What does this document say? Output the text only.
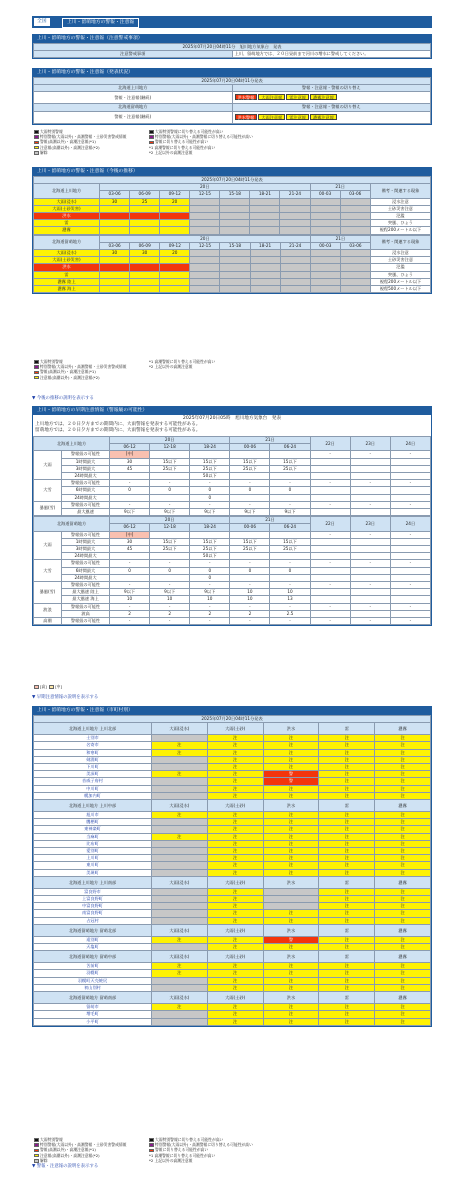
全国	上川・留萌地方の警報・注意報
上川・留萌地方の警報・注意報（注意警戒事項）
2025年07月20日04時11分　旭川地方気象台　発表
注意警戒事項	上川、留萌地方では、２０日昼前まで河川の増水に警戒してください。
上川・留萌地方の警報・注意報（発表状況）
2025年07月20日04時11分発表	
北海道上川地方	警報・注意報・警報の切り替え
警報・注意報(継続)	洪水警報 大雨注意報 雷注意報 濃霧注意報
北海道留萌地方	警報・注意報・警報の切り替え
警報・注意報(継続)	洪水警報 大雨注意報 雷注意報 濃霧注意報
大雨特別警報
特別警報(大雨以外)・高潮警報・土砂災害警戒情報
警報(高潮以外)・高潮注意報(*1)
注意報(高潮以外)・高潮注意報(*2)
解除
大雨特別警報に切り替える可能性が高い
特別警報(大雨以外)・高潮警報に切り替える可能性が高い
警報に切り替える可能性が高い
*1 高潮警報に切り替える可能性が高い
*2 上記以外の高潮注意報
上川・留萌地方の警報・注意報（今後の推移）
2025年07月20日04時11分発表										
北海道上川地方	20日							21日		備考・関連する現象
	03-06	06-09	09-12	12-15	15-18	18-21	21-24	00-03	03-06	
大雨(浸水)	30	25	20							浸水注意
大雨(土砂災害)										土砂災害注意
洪水										氾濫
雷										突風、ひょう
濃霧										視程200メートル以下
北海道留萌地方	20日							21日		備考・関連する現象
	03-06	06-09	09-12	12-15	15-18	18-21	21-24	00-03	03-06	
大雨(浸水)	30	30	20							浸水注意
大雨(土砂災害)										土砂災害注意
洪水										氾濫
雷										突風、ひょう
濃霧 陸上										視程200メートル以下
濃霧 海上										視程500メートル以下
大雨特別警報
特別警報(大雨以外)・高潮警報・土砂災害警戒情報
警報(高潮以外)・高潮注意報(*1)
注意報(高潮以外)・高潮注意報(*2)
*1 高潮警報に切り替える可能性が高い
*2 上記以外の高潮注意報
▼ 今後の推移の説明を表示する
上川・留萌地方の早期注意情報（警報級の可能性）
2025年07月20日05時　旭川地方気象台　発表
上川地方では、２０日夕方までの期間内に、大雨警報を発表する可能性がある。
留萌地方では、２０日夕方までの期間内に、大雨警報を発表する可能性がある。
北海道上川地方		20日			21日		22日	23日	24日
		06-12	12-18	18-24	00-06	06-24			
大雨	警報級の可能性	[中]					-	-	-
	1時間最大	30	15以下	15以下	15以下	15以下			
	3時間最大	45	25以下	25以下	25以下	25以下			
	24時間最大			50以下					
大雪	警報級の可能性	-	-	-	-	-	-	-	-
	6時間最大	0	0	0	0	0			
	24時間最大			0					
暴風(雪)	警報級の可能性	-	-	-	-	-	-	-	-
	最大風速	9以下	9以下	9以下	9以下	9以下			
北海道留萌地方		20日			21日		22日	23日	24日
		06-12	12-18	18-24	00-06	06-24			
大雨	警報級の可能性	[中]					-	-	-
	1時間最大	30	15以下	15以下	15以下	15以下			
	3時間最大	45	25以下	25以下	25以下	25以下			
	24時間最大			50以下					
大雪	警報級の可能性	-	-	-	-	-	-	-	-
	6時間最大	0	0	0	0	0			
	24時間最大			0					
暴風(雪)	警報級の可能性	-	-	-	-	-	-	-	-
	最大風速 陸上	9以下	9以下	9以下	10	10			
	最大風速 海上	10	10	10	10	13			
波浪	警報級の可能性	-	-	-	-	-	-	-	-
	波高	2	2	2	2	2.5			
高潮	警報級の可能性	-	-	-	-	-	-	-	-
[高] [中]
▼ 早期注意情報の説明を表示する
上川・留萌地方の警報・注意報（市町村別）
2025年07月20日04時11分発表					
北海道上川地方 上川北部	大雨(浸水)	大雨(土砂)	洪水	雷	濃霧
士別市		注	注	注	注
名寄市	注	注	注	注	注
和寒町	注	注	注	注	注
剣淵町		注	注	注	注
下川町		注	注	注	注
美深町	注	注	警	注	注
音威子府村		注	警	注	注
中川町		注	注	注	注
幌加内町		注	注	注	注
北海道上川地方 上川中部	大雨(浸水)	大雨(土砂)	洪水	雷	濃霧
旭川市	注	注	注	注	注
鷹栖町		注	注	注	注
東神楽町		注	注	注	注
当麻町	注	注	注	注	注
比布町		注	注	注	注
愛別町		注	注	注	注
上川町		注	注	注	注
東川町		注	注	注	注
美瑛町		注	注	注	注
北海道上川地方 上川南部	大雨(浸水)	大雨(土砂)	洪水	雷	濃霧
富良野市		注		注	注
上富良野町		注		注	注
中富良野町		注		注	注
南富良野町		注	注	注	注
占冠村		注	注	注	注
北海道留萌地方 留萌北部	大雨(浸水)	大雨(土砂)	洪水	雷	濃霧
遠別町	注	注	警	注	注
天塩町		注	注	注	注
北海道留萌地方 留萌中部	大雨(浸水)	大雨(土砂)	洪水	雷	濃霧
苫前町	注	注	注	注	注
羽幌町	注	注	注	注	注
羽幌町天売焼尻		注	注	注	注
初山別村		注	注	注	注
北海道留萌地方 留萌南部	大雨(浸水)	大雨(土砂)	洪水	雷	濃霧
留萌市	注	注	注	注	注
増毛町		注	注	注	注
小平町		注	注	注	注
大雨特別警報
特別警報(大雨以外)・高潮警報・土砂災害警戒情報
警報(高潮以外)・高潮注意報(*1)
注意報(高潮以外)・高潮注意報(*2)
解除
大雨特別警報に切り替える可能性が高い
特別警報(大雨以外)・高潮警報に切り替える可能性が高い
警報に切り替える可能性が高い
*1 高潮警報に切り替える可能性が高い
*2 上記以外の高潮注意報
▼ 警報・注意報の説明を表示する
